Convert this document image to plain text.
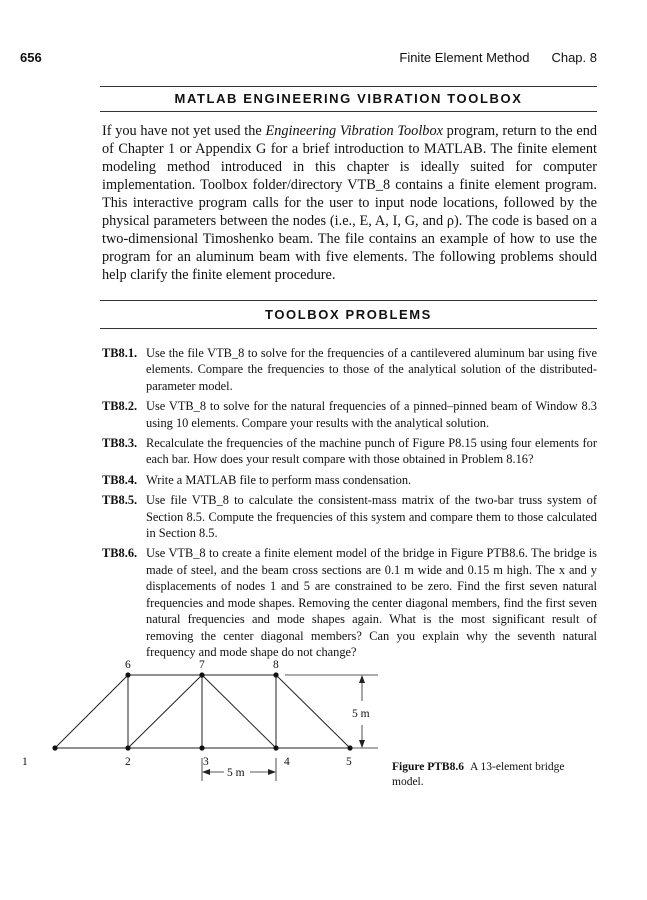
656	Finite Element Method Chap. 8
MATLAB ENGINEERING VIBRATION TOOLBOX

If you have not yet used the Engineering Vibration Toolbox program, return to the end of Chapter 1 or Appendix G for a brief introduction to MATLAB. The finite element modeling method introduced in this chapter is ideally suited for computer implementation. Toolbox folder/directory VTB_8 contains a finite element program. This interactive program calls for the user to input node locations, followed by the physical parameters between the nodes (i.e., E, A, I, G, and ρ). The code is based on a two-dimensional Timoshenko beam. The file contains an example of how to use the program for an aluminum beam with five elements. The following problems should help clarify the finite element procedure.

TOOLBOX PROBLEMS
TB8.1. Use the file VTB_8 to solve for the frequencies of a cantilevered aluminum bar using five elements. Compare the frequencies to those of the analytical solution of the distributed-parameter model.
TB8.2. Use VTB_8 to solve for the natural frequencies of a pinned–pinned beam of Window 8.3 using 10 elements. Compare your results with the analytical solution.
TB8.3. Recalculate the frequencies of the machine punch of Figure P8.15 using four elements for each bar. How does your result compare with those obtained in Problem 8.16?
TB8.4. Write a MATLAB file to perform mass condensation.
TB8.5. Use file VTB_8 to calculate the consistent-mass matrix of the two-bar truss system of Section 8.5. Compute the frequencies of this system and compare them to those calculated in Section 8.5.
TB8.6. Use VTB_8 to create a finite element model of the bridge in Figure PTB8.6. The bridge is made of steel, and the beam cross sections are 0.1 m wide and 0.15 m high. The x and y displacements of nodes 1 and 5 are constrained to be zero. Find the first seven natural frequencies and mode shapes. Removing the center diagonal members, find the first seven natural frequencies and mode shapes again. What is the most significant result of removing the center diagonal members? Can you explain why the seventh natural frequency and mode shape do not change?
1	2	3	4	5
6	7	8
5 m
5 m	Figure PTB8.6 A 13-element bridge model.
